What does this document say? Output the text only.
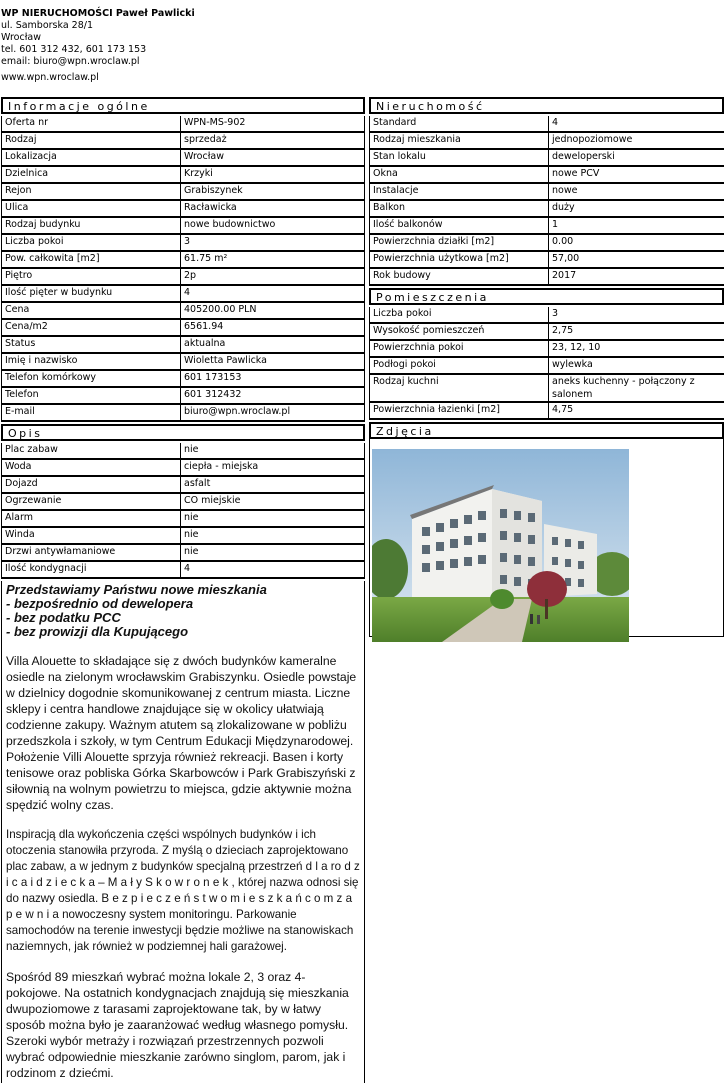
WP NIERUCHOMOŚCI Paweł Pawlicki
ul. Samborska 28/1
Wrocław
tel. 601 312 432, 601 173 153
email: biuro@wpn.wroclaw.pl
www.wpn.wroclaw.pl
Informacje ogólne
Oferta nr	WPN-MS-902
Rodzaj	sprzedaż
Lokalizacja	Wrocław
Dzielnica	Krzyki
Rejon	Grabiszynek
Ulica	Racławicka
Rodzaj budynku	nowe budownictwo
Liczba pokoi	3
Pow. całkowita [m2]	61.75 m²
Piętro	2p
Ilość pięter w budynku	4
Cena	405200.00 PLN
Cena/m2	6561.94
Status	aktualna
Imię i nazwisko	Wioletta Pawlicka
Telefon komórkowy	601 173153
Telefon	601 312432
E-mail	biuro@wpn.wroclaw.pl
Opis
Plac zabaw	nie
Woda	ciepła - miejska
Dojazd	asfalt
Ogrzewanie	CO miejskie
Alarm	nie
Winda	nie
Drzwi antywłamaniowe	nie
Ilość kondygnacji	4
Przedstawiamy Państwu nowe mieszkania
- bezpośrednio od dewelopera
- bez podatku PCC
- bez prowizji dla Kupującego
Villa Alouette to składające się z dwóch budynków kameralne osiedle na zielonym wrocławskim Grabiszynku. Osiedle powstaje w dzielnicy dogodnie skomunikowanej z centrum miasta. Liczne sklepy i centra handlowe znajdujące się w okolicy ułatwiają codzienne zakupy. Ważnym atutem są zlokalizowane w pobliżu przedszkola i szkoły, w tym Centrum Edukacji Międzynarodowej. Położenie Villi Alouette sprzyja również rekreacji. Basen i korty tenisowe oraz pobliska Górka Skarbowców i Park Grabiszyński z siłownią na wolnym powietrzu to miejsca, gdzie aktywnie można spędzić wolny czas.
Inspiracją dla wykończenia części wspólnych budynków i ich otoczenia stanowiła przyroda. Z myślą o dzieciach zaprojektowano plac zabaw, a w jednym z budynków specjalną przestrzeń d l a ro d z i c a i d z i e c k a – M a ł y S k o w r o n e k , której nazwa odnosi się do nazwy osiedla. B e z p i e c z e ń s t w o m i e s z k a ń c o m z a p e w n i a nowoczesny system monitoringu. Parkowanie samochodów na terenie inwestycji będzie możliwe na stanowiskach naziemnych, jak również w podziemnej hali garażowej.
Spośród 89 mieszkań wybrać można lokale 2, 3 oraz 4-pokojowe. Na ostatnich kondygnacjach znajdują się mieszkania dwupoziomowe z tarasami zaprojektowane tak, by w łatwy sposób można było je zaaranżować według własnego pomysłu. Szeroki wybór metraży i rozwiązań przestrzennych pozwoli wybrać odpowiednie mieszkanie zarówno singlom, parom, jak i rodzinom z dziećmi.
Nieruchomość
Standard	4
Rodzaj mieszkania	jednopoziomowe
Stan lokalu	deweloperski
Okna	nowe PCV
Instalacje	nowe
Balkon	duży
Ilość balkonów	1
Powierzchnia działki [m2]	0.00
Powierzchnia użytkowa [m2]	57,00
Rok budowy	2017
Pomieszczenia
Liczba pokoi	3
Wysokość pomieszczeń	2,75
Powierzchnia pokoi	23, 12, 10
Podłogi pokoi	wylewka
Rodzaj kuchni	aneks kuchenny - połączony z salonem
Powierzchnia łazienki [m2]	4,75
Zdjęcia
